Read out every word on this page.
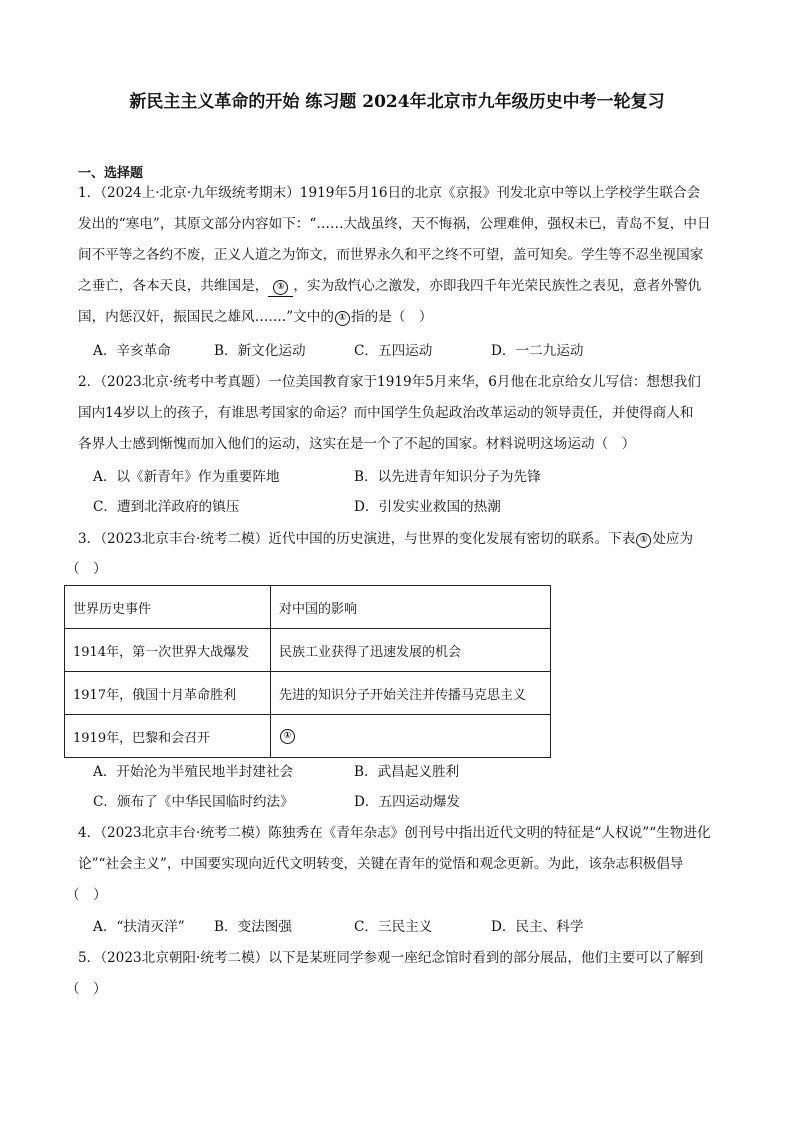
新民主主义革命的开始 练习题 2024年北京市九年级历史中考一轮复习
一、选择题
1．（2024上·北京·九年级统考期末）1919年5月16日的北京《京报》刊发北京中等以上学校学生联合会
发出的“寒电”，其原文部分内容如下：“……大战虽终，天不悔祸，公理难伸，强权未已，青岛不复，中日
间不平等之各约不废，正义人道之为饰文，而世界永久和平之终不可望，盖可知矣。学生等不忍坐视国家
之垂亡，各本天良，共维国是， ① ，实为敌忾心之激发，亦即我四千年光荣民族性之表见，意者外警仇
国，内惩汉奸，振国民之雄风…….”文中的 ① 指的是（　）
A．辛亥革命	B．新文化运动	C．五四运动	D．一二九运动
2．（2023北京·统考中考真题）一位美国教育家于1919年5月来华，6月他在北京给女儿写信：想想我们
国内14岁以上的孩子，有谁思考国家的命运？而中国学生负起政治改革运动的领导责任，并使得商人和
各界人士感到惭愧而加入他们的运动，这实在是一个了不起的国家。材料说明这场运动（　）
A．以《新青年》作为重要阵地	B．以先进青年知识分子为先锋
C．遭到北洋政府的镇压	D．引发实业救国的热潮
3．（2023北京丰台·统考二模）近代中国的历史演进，与世界的变化发展有密切的联系。下表 ① 处应为
（　）
世界历史事件	对中国的影响
1914年，第一次世界大战爆发	民族工业获得了迅速发展的机会
1917年，俄国十月革命胜利	先进的知识分子开始关注并传播马克思主义
1919年，巴黎和会召开	①
A．开始沦为半殖民地半封建社会	B．武昌起义胜利
C．颁布了《中华民国临时约法》	D．五四运动爆发
4．（2023北京丰台·统考二模）陈独秀在《青年杂志》创刊号中指出近代文明的特征是“人权说”“生物进化
论”“社会主义”，中国要实现向近代文明转变，关键在青年的觉悟和观念更新。为此，该杂志积极倡导
（　）
A．“扶清灭洋” B．变法图强	C．三民主义	D．民主、科学
5．（2023北京朝阳·统考二模）以下是某班同学参观一座纪念馆时看到的部分展品，他们主要可以了解到
（　）
